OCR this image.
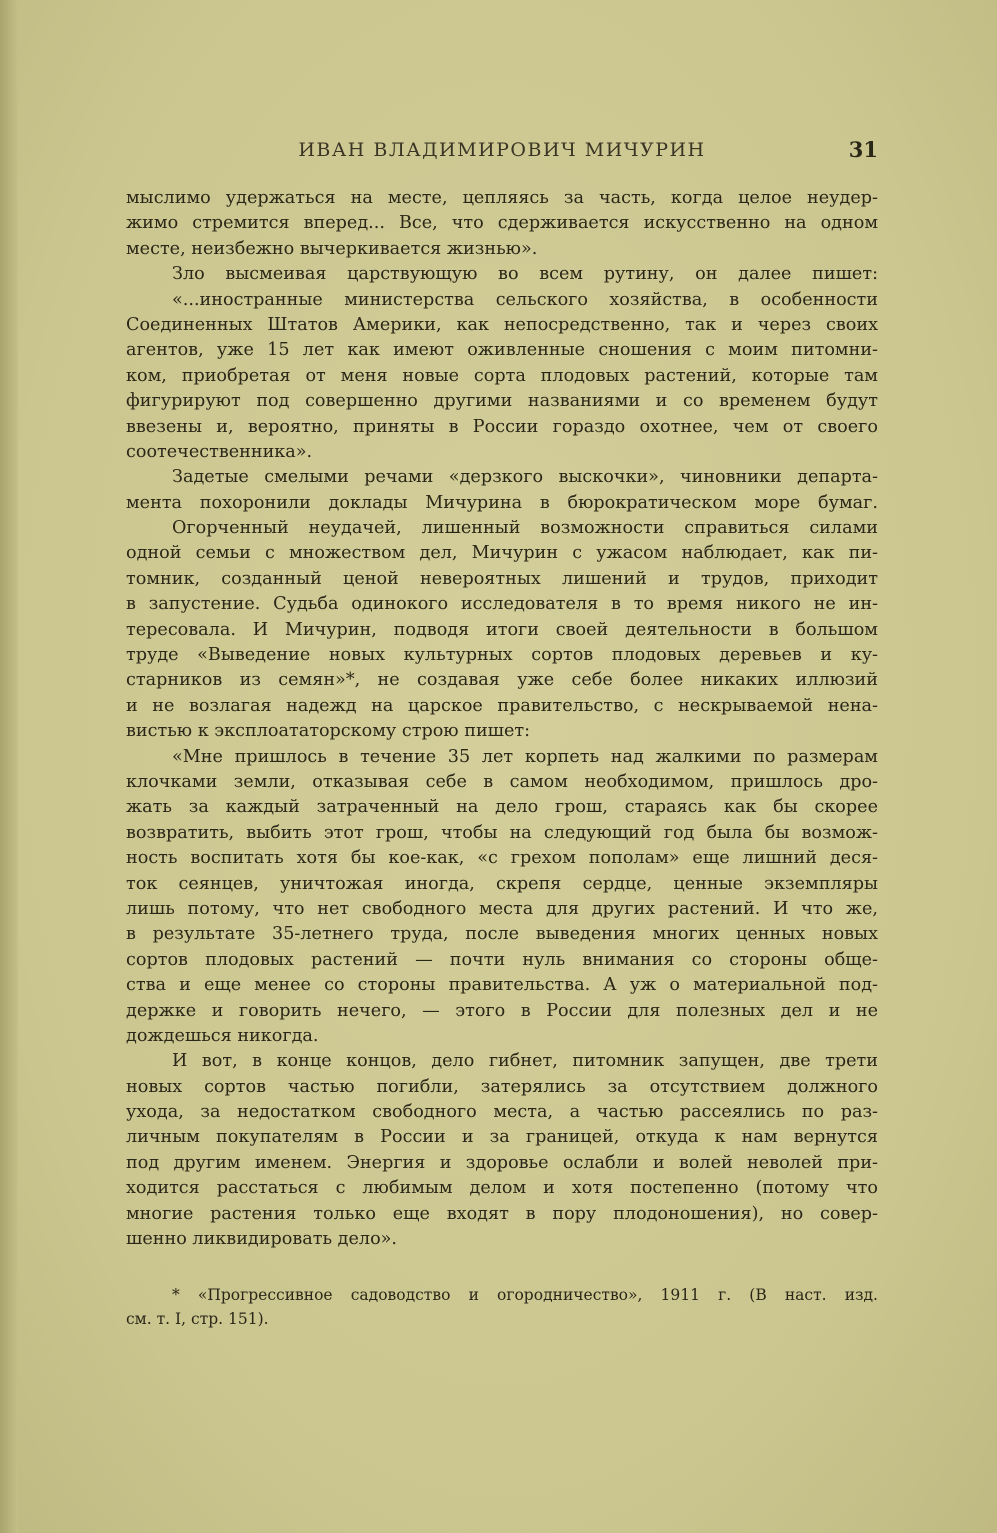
ИВАН ВЛАДИМИРОВИЧ МИЧУРИН	31
мыслимо удержаться на месте, цепляясь за часть, когда целое неудер-
жимо стремится вперед... Все, что сдерживается искусственно на одном
месте, неизбежно вычеркивается жизнью».
Зло высмеивая царствующую во всем рутину, он далее пишет:
«...иностранные министерства сельского хозяйства, в особенности
Соединенных Штатов Америки, как непосредственно, так и через своих
агентов, уже 15 лет как имеют оживленные сношения с моим питомни-
ком, приобретая от меня новые сорта плодовых растений, которые там
фигурируют под совершенно другими названиями и со временем будут
ввезены и, вероятно, приняты в России гораздо охотнее, чем от своего
соотечественника».
Задетые смелыми речами «дерзкого выскочки», чиновники департа-
мента похоронили доклады Мичурина в бюрократическом море бумаг.
Огорченный неудачей, лишенный возможности справиться силами
одной семьи с множеством дел, Мичурин с ужасом наблюдает, как пи-
томник, созданный ценой невероятных лишений и трудов, приходит
в запустение. Судьба одинокого исследователя в то время никого не ин-
тересовала. И Мичурин, подводя итоги своей деятельности в большом
труде «Выведение новых культурных сортов плодовых деревьев и ку-
старников из семян»*, не создавая уже себе более никаких иллюзий
и не возлагая надежд на царское правительство, с нескрываемой нена-
вистью к эксплоататорскому строю пишет:
«Мне пришлось в течение 35 лет корпеть над жалкими по размерам
клочками земли, отказывая себе в самом необходимом, пришлось дро-
жать за каждый затраченный на дело грош, стараясь как бы скорее
возвратить, выбить этот грош, чтобы на следующий год была бы возмож-
ность воспитать хотя бы кое-как, «с грехом пополам» еще лишний деся-
ток сеянцев, уничтожая иногда, скрепя сердце, ценные экземпляры
лишь потому, что нет свободного места для других растений. И что же,
в результате 35-летнего труда, после выведения многих ценных новых
сортов плодовых растений — почти нуль внимания со стороны обще-
ства и еще менее со стороны правительства. А уж о материальной под-
держке и говорить нечего, — этого в России для полезных дел и не
дождешься никогда.
И вот, в конце концов, дело гибнет, питомник запущен, две трети
новых сортов частью погибли, затерялись за отсутствием должного
ухода, за недостатком свободного места, а частью рассеялись по раз-
личным покупателям в России и за границей, откуда к нам вернутся
под другим именем. Энергия и здоровье ослабли и волей неволей при-
ходится расстаться с любимым делом и хотя постепенно (потому что
многие растения только еще входят в пору плодоношения), но совер-
шенно ликвидировать дело».
* «Прогрессивное садоводство и огородничество», 1911 г. (В наст. изд.
см. т. I, стр. 151).
